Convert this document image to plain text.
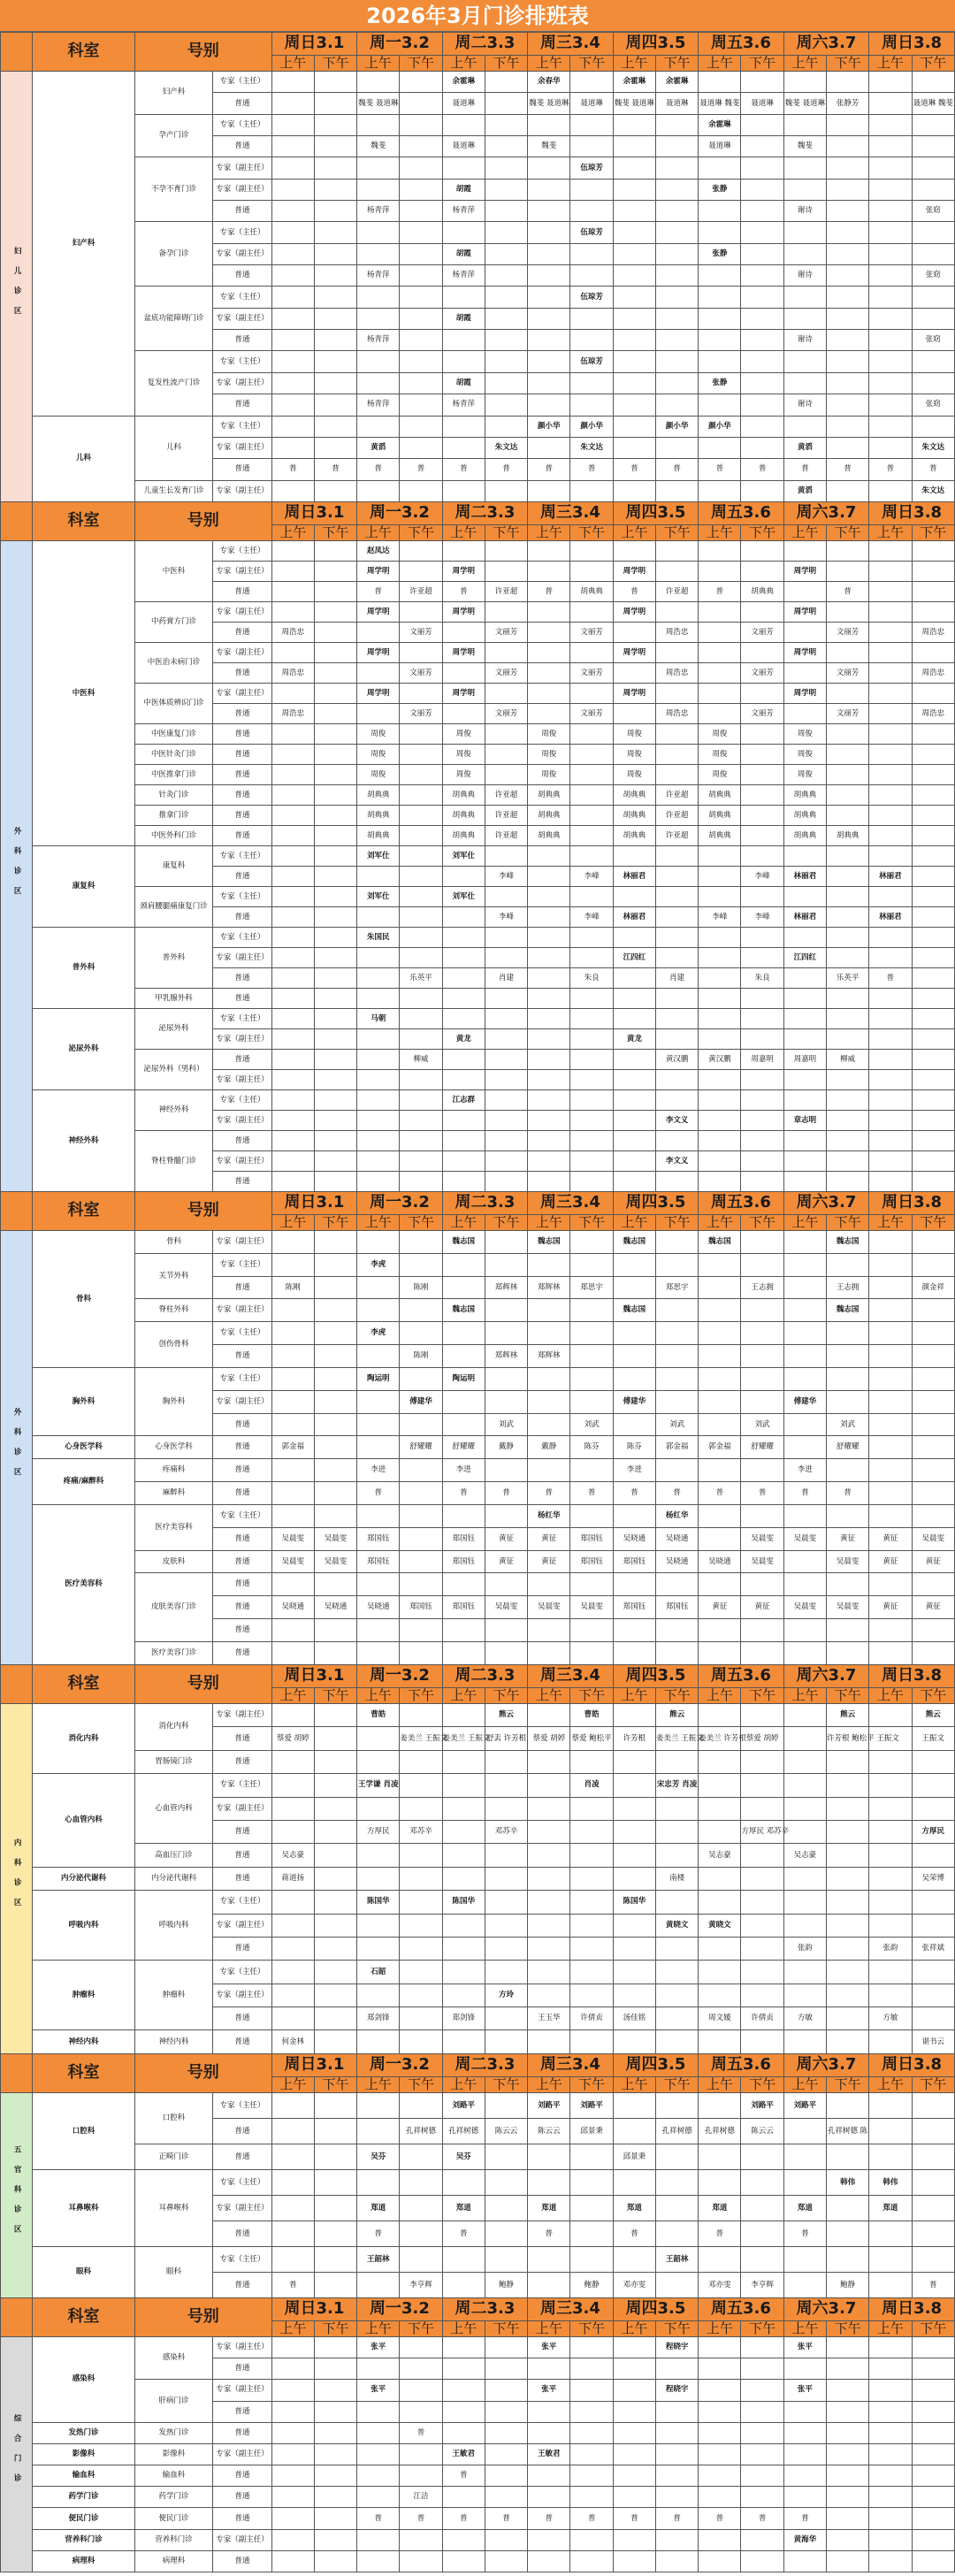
2026年3月门诊排班表
	科室	号别		周日3.1		周一3.2		周二3.3		周三3.4		周四3.5		周五3.6		周六3.7		周日3.8	
				上午	下午	上午	下午	上午	下午	上午	下午	上午	下午	上午	下午	上午	下午	上午	下午
妇儿诊区	妇产科	妇产科	专家（主任）					余霍琳		余春华		余霍琳	余霍琳						
			普通			魏斐 聂道琳		聂道琳		魏斐 聂道琳	聂道琳	魏斐 聂道琳	聂道琳	聂道琳 魏斐	聂道琳	魏斐 聂道琳	张静芳		聂道琳 魏斐
		孕产门诊	专家（主任）											余霍琳					
			普通			魏斐		聂道琳		魏斐				聂道琳		魏斐			
		不孕不育门诊	专家（副主任）								伍琼芳								
			专家（副主任）					胡霞						张静					
			普通			杨青萍		杨青萍								谢诗			张窈
		备孕门诊	专家（主任）								伍琼芳								
			专家（副主任）					胡霞						张静					
			普通			杨青萍		杨青萍								谢诗			张窈
		盆底功能障碍门诊	专家（主任）								伍琼芳								
			专家（副主任）					胡霞											
			普通			杨青萍										谢诗			张窈
		复发性流产门诊	专家（主任）								伍琼芳								
			专家（副主任）					胡霞						张静					
			普通			杨青萍		杨青萍								谢诗			张窈
	儿科	儿科	专家（主任）							颜小华	颜小华		颜小华	颜小华					
			专家（副主任）			黄滔			朱文达		朱文达					黄滔			朱文达
			普通	普	普	普	普	普	普	普	普	普	普	普	普	普	普	普	普
		儿童生长发育门诊	专家（副主任）													黄滔			朱文达
	科室	号别		周日3.1		周一3.2		周二3.3		周三3.4		周四3.5		周五3.6		周六3.7		周日3.8	
				上午	下午	上午	下午	上午	下午	上午	下午	上午	下午	上午	下午	上午	下午	上午	下午
外科诊区	中医科	中医科	专家（主任）			赵凤达													
			专家（副主任）			周学明		周学明				周学明				周学明			
			普通			普	许亚超	普	许亚超	普	胡典典	普	许亚超	普	胡典典		普		
		中药膏方门诊	专家（副主任）			周学明		周学明				周学明				周学明			
			普通	周浩忠			文丽芳		文丽芳		文丽芳		周浩忠		文丽芳		文丽芳		周浩忠
		中医治未病门诊	专家（副主任）			周学明		周学明				周学明				周学明			
			普通	周浩忠			文丽芳		文丽芳		文丽芳		周浩忠		文丽芳		文丽芳		周浩忠
		中医体质辨识门诊	专家（副主任）			周学明		周学明				周学明				周学明			
			普通	周浩忠			文丽芳		文丽芳		文丽芳		周浩忠		文丽芳		文丽芳		周浩忠
		中医康复门诊	普通			周俊		周俊		周俊		周俊		周俊		周俊			
		中医针灸门诊	普通			周俊		周俊		周俊		周俊		周俊		周俊			
		中医推拿门诊	普通			周俊		周俊		周俊		周俊		周俊		周俊			
		针灸门诊	普通			胡典典		胡典典	许亚超	胡典典		胡典典	许亚超	胡典典		胡典典			
		推拿门诊	普通			胡典典		胡典典	许亚超	胡典典		胡典典	许亚超	胡典典		胡典典			
		中医外科门诊	普通			胡典典		胡典典	许亚超	胡典典		胡典典	许亚超	胡典典		胡典典	胡典典		
	康复科	康复科	专家（主任）			刘军仕		刘军仕											
			普通						李峰		李峰	林丽君			李峰	林丽君		林丽君	
		颈肩腰腿痛康复门诊	专家（主任）			刘军仕		刘军仕											
			普通						李峰		李峰	林丽君		李峰	李峰	林丽君		林丽君	
	普外科	普外科	专家（主任）			朱国民													
			专家（副主任）									江四红				江四红			
			普通				乐英平		肖建		朱良		肖建		朱良		乐英平	普	
		甲乳腺外科	普通																
	泌尿外科	泌尿外科	专家（主任）			马朝													
			专家（副主任）					黄龙				黄龙							
		泌尿外科（男科）	普通				柳威						黄汉鹏	黄汉鹏	周嘉明	周嘉明	柳威		
			专家（副主任）																
	神经外科	神经外科	专家（主任）					江志群											
			专家（副主任）										李文义			章志明			
		脊柱脊髓门诊	普通																
			专家（副主任）										李文义						
			普通																
	科室	号别		周日3.1		周一3.2		周二3.3		周三3.4		周四3.5		周五3.6		周六3.7		周日3.8	
				上午	下午	上午	下午	上午	下午	上午	下午	上午	下午	上午	下午	上午	下午	上午	下午
外科诊区	骨科	骨科	专家（副主任）					魏志国		魏志国		魏志国		魏志国			魏志国		
		关节外科	专家（主任）			李虎													
			普通	陈刚			陈刚		郑辉林	郑辉林	郑思宇		郑思宇		王志拥		王志拥		颜金祥
		脊柱外科	专家（副主任）					魏志国				魏志国					魏志国		
		创伤骨科	专家（主任）			李虎													
			普通				陈刚		郑辉林	郑辉林									
	胸外科	胸外科	专家（主任）			陶运明		陶运明											
			专家（副主任）				傅建华					傅建华				傅建华			
			普通						刘武		刘武		刘武		刘武		刘武		
	心身医学科	心身医学科	普通	郭金福			舒耀耀	舒耀耀	戴静	戴静	陈芬	陈芬	郭金福	郭金福	舒耀耀		舒耀耀		
	疼痛/麻醉科	疼痛科	普通			李进		李进				李进				李进			
		麻醉科	普通			普		普	普	普	普	普	普	普	普	普	普		
	医疗美容科	医疗美容科	专家（主任）							杨红华			杨红华						
			普通	吴晨雯	吴晨雯	郑国钰		郑国钰	黄征	黄征	郑国钰	吴晓通	吴晓通		吴晨雯	吴晨雯	黄征	黄征	吴晨雯
		皮肤科	普通	吴晨雯	吴晨雯	郑国钰		郑国钰	黄征	黄征	郑国钰	郑国钰	吴晓通	吴晓通	吴晨雯		吴晨雯	黄征	黄征
		皮肤美容门诊	普通																
			普通	吴晓通	吴晓通	吴晓通	郑国钰	郑国钰	吴晨雯	吴晨雯	吴晨雯	郑国钰	郑国钰	黄征	黄征	吴晨雯	吴晨雯	黄征	黄征
			普通																
		医疗美容门诊	普通																
	科室	号别		周日3.1		周一3.2		周二3.3		周三3.4		周四3.5		周五3.6		周六3.7		周日3.8	
				上午	下午	上午	下午	上午	下午	上午	下午	上午	下午	上午	下午	上午	下午	上午	下午
内科诊区	消化内科	消化内科	专家（副主任）			曹皓			熊云		曹皓		熊云				熊云		熊云
			普通	蔡爱 胡婷			姜美兰 王振文	姜美兰 王振文	舒丢 许芳根	蔡爱 胡婷	蔡爱 鲍松平	许芳根	姜美兰 王振文	姜美兰 许芳根	蔡爱 胡婷		许芳根 鲍松平 王振文		王振文
		胃肠镜门诊	普通																
	心血管内科	心血管内科	专家（主任）			王学谦 肖凌					肖凌		宋忠芳 肖凌						
			专家（副主任）																
			普通			方厚民	邓苏辛		邓苏辛						方厚民 邓苏辛				方厚民
		高血压门诊	普通	吴志豪										吴志豪		吴志豪			
	内分泌代谢科	内分泌代谢科	普通	蒋道扬									南楼						吴荣博
	呼吸内科	呼吸内科	专家（主任）			陈国华		陈国华				陈国华							
			专家（副主任）										黄晓文	黄晓文					
			普通													张韵		张韵	张祥斌
	肿瘤科	肿瘤科	专家（主任）			石韶													
			专家（副主任）						方玲										
			普通			郑剑锋		郑剑锋		王玉华	许倩贞	汤佳铭		周文媛	许倩贞	方敏		方敏	
	神经内科	神经内科	普通	何金林															谌书云
	科室	号别		周日3.1		周一3.2		周二3.3		周三3.4		周四3.5		周五3.6		周六3.7		周日3.8	
				上午	下午	上午	下午	上午	下午	上午	下午	上午	下午	上午	下午	上午	下午	上午	下午
五官科诊区	口腔科	口腔科	专家（主任）					刘路平		刘路平	刘路平				刘路平	刘路平			
			普通				孔祥树德	孔祥树德	陈云云	陈云云	邱景秉		孔祥树德	孔祥树德	陈云云		孔祥树德 陈		
		正畸门诊	普通			吴芬		吴芬				邱景秉							
	耳鼻喉科	耳鼻喉科	专家（主任）														韩伟	韩伟	
			专家（副主任）			郑道		郑道		郑道		郑道		郑道		郑道		郑道	
			普通			普		普		普		普		普		普			
	眼科	眼科	专家（主任）			王韶林							王韶林						
			普通	普			李亨辉		鲍静		鲍静	邓亦雯		邓亦雯	李亨辉		鲍静		普
	科室	号别		周日3.1		周一3.2		周二3.3		周三3.4		周四3.5		周五3.6		周六3.7		周日3.8	
				上午	下午	上午	下午	上午	下午	上午	下午	上午	下午	上午	下午	上午	下午	上午	下午
综合门诊	感染科	感染科	专家（副主任）			张平				张平			程晓宇			张平			
			普通																
		肝病门诊	专家（副主任）			张平				张平			程晓宇			张平			
			普通																
	发热门诊	发热门诊	普通				普												
	影像科	影像科	专家（副主任）					王敏君		王敏君									
	输血科	输血科	普通					普											
	药学门诊	药学门诊	普通				江洁												
	便民门诊	便民门诊	普通			普	普	普	普	普	普	普	普	普	普	普			
	营养科门诊	营养科门诊	专家（副主任）													黄海华			
	病理科	病理科	普通																
